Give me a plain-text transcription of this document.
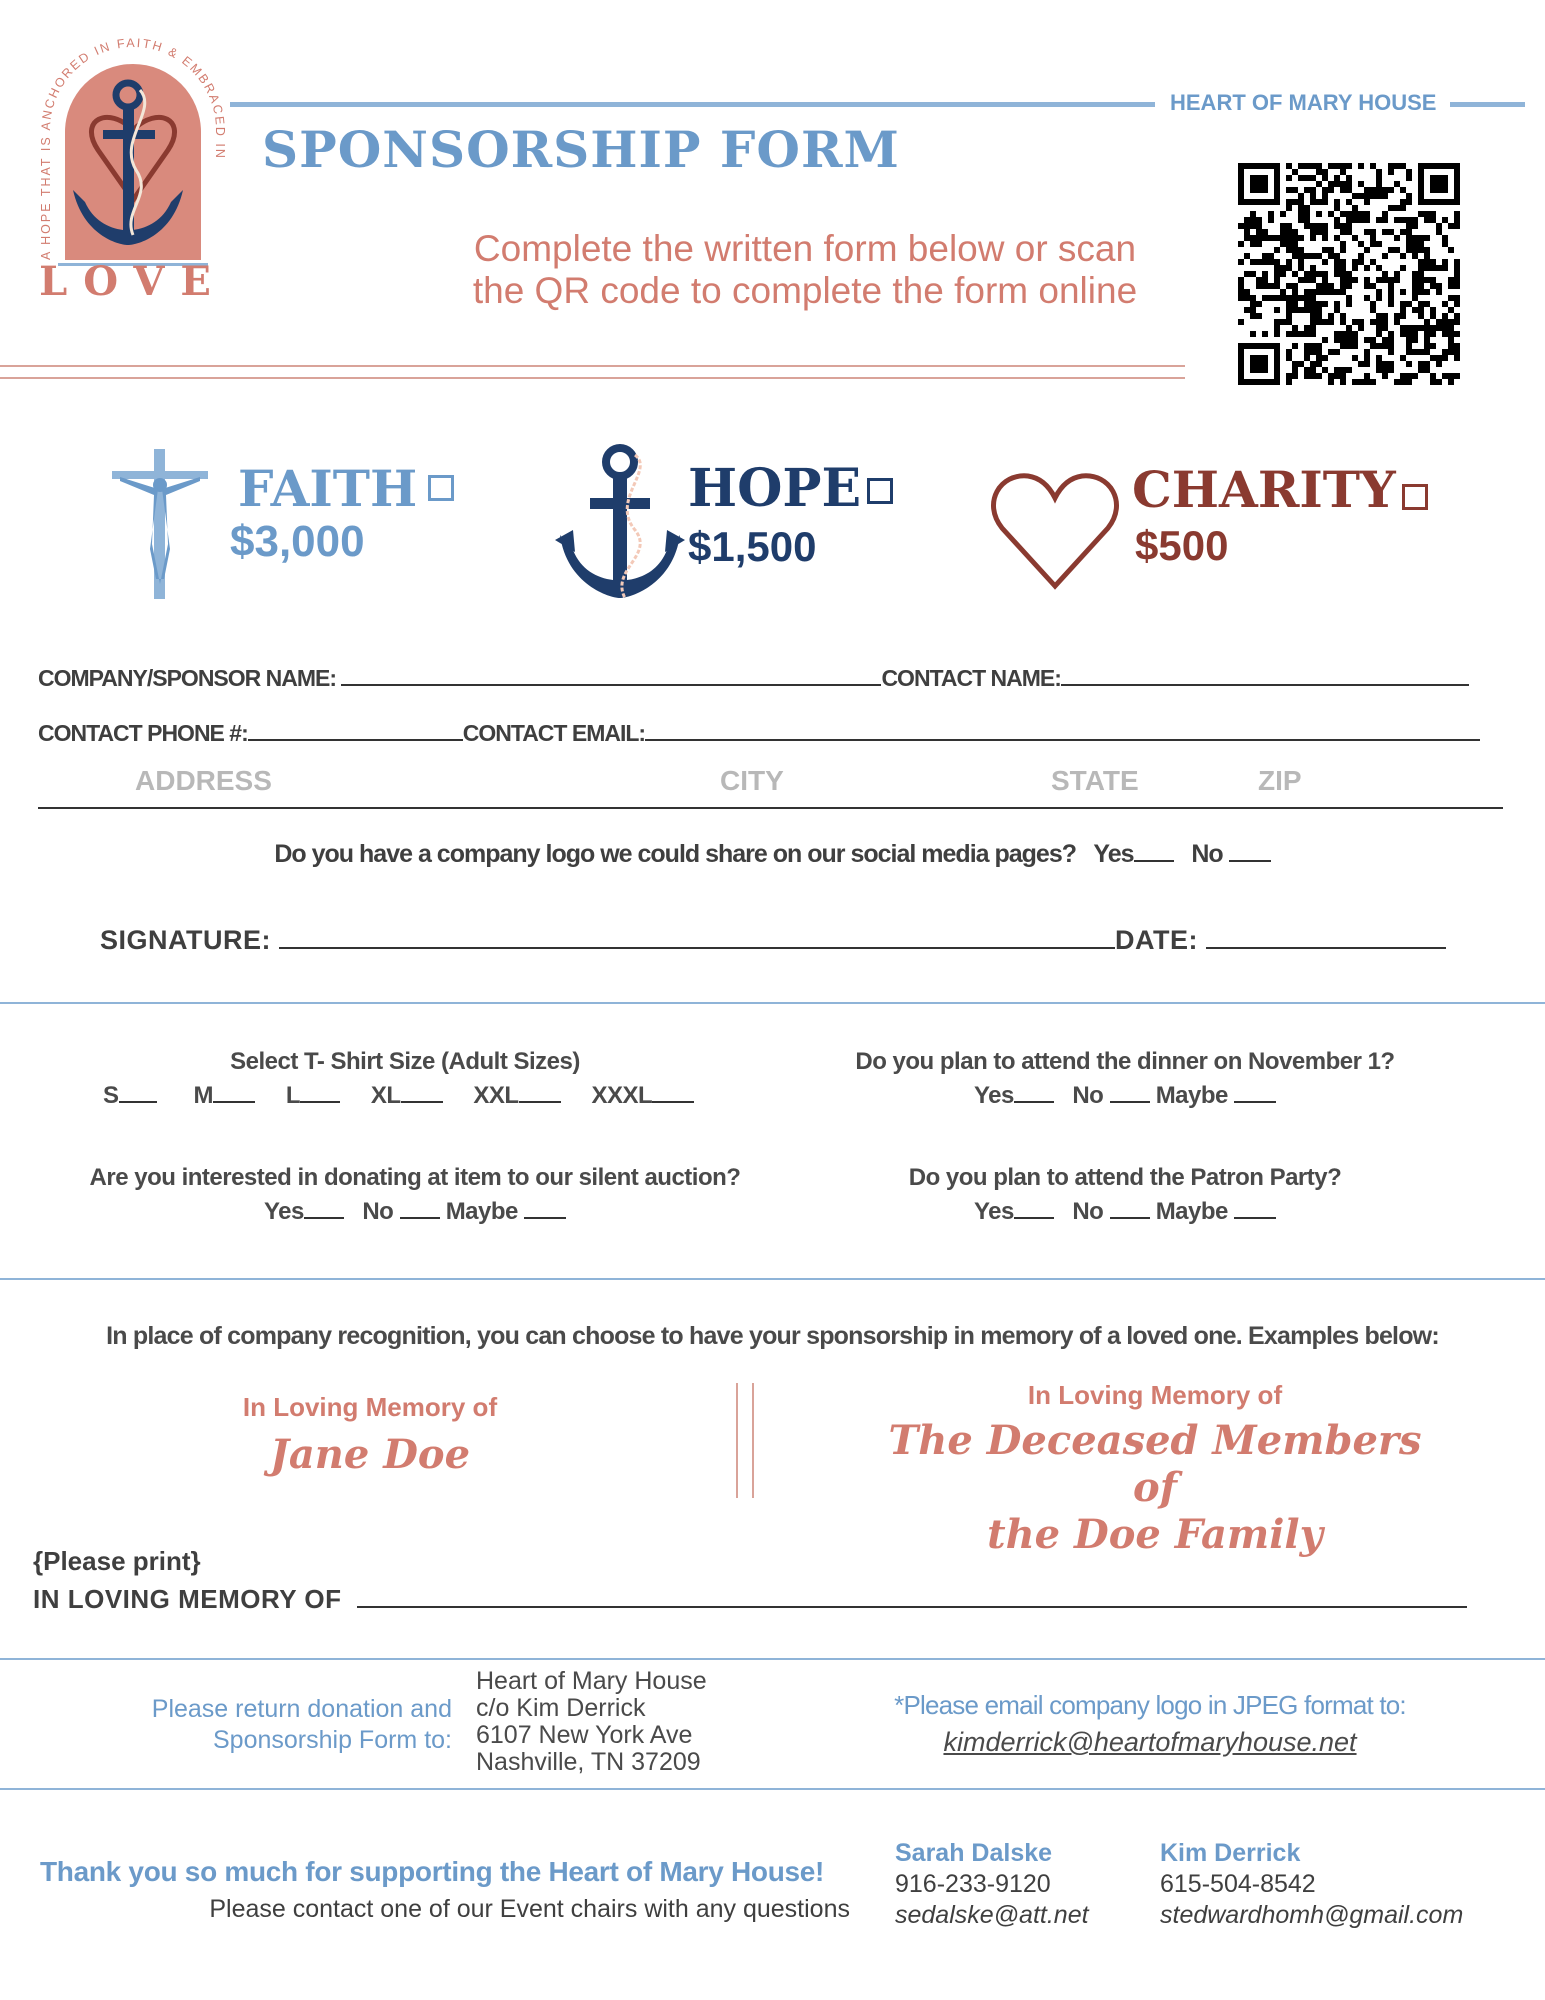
A HOPE THAT IS ANCHORED IN FAITH & EMBRACED IN
LOVE
HEART OF MARY HOUSE
SPONSORSHIP FORM
Complete the written form below or scan
the QR code to complete the form online
FAITH
$3,000
HOPE
$1,500
CHARITY
$500
COMPANY/SPONSOR NAME:	CONTACT NAME:
CONTACT PHONE #:	CONTACT EMAIL:
ADDRESS	CITY	STATE	ZIP
Do you have a company logo we could share on our social media pages? Yes No
SIGNATURE:	DATE:
Select T- Shirt Size (Adult Sizes)
S	M	L	XL	XXL	XXXL
Do you plan to attend the dinner on November 1?
Yes No Maybe
Are you interested in donating at item to our silent auction?
Yes No Maybe
Do you plan to attend the Patron Party?
Yes No Maybe
In place of company recognition, you can choose to have your sponsorship in memory of a loved one. Examples below:
In Loving Memory of
Jane Doe
In Loving Memory of
The Deceased Members of
the Doe Family
{Please print}
IN LOVING MEMORY OF
Please return donation and
Sponsorship Form to:
Heart of Mary House
c/o Kim Derrick
6107 New York Ave
Nashville, TN 37209
*Please email company logo in JPEG format to:
kimderrick@heartofmaryhouse.net
Thank you so much for supporting the Heart of Mary House!
Please contact one of our Event chairs with any questions
Sarah Dalske
916-233-9120
sedalske@att.net
Kim Derrick
615-504-8542
stedwardhomh@gmail.com
